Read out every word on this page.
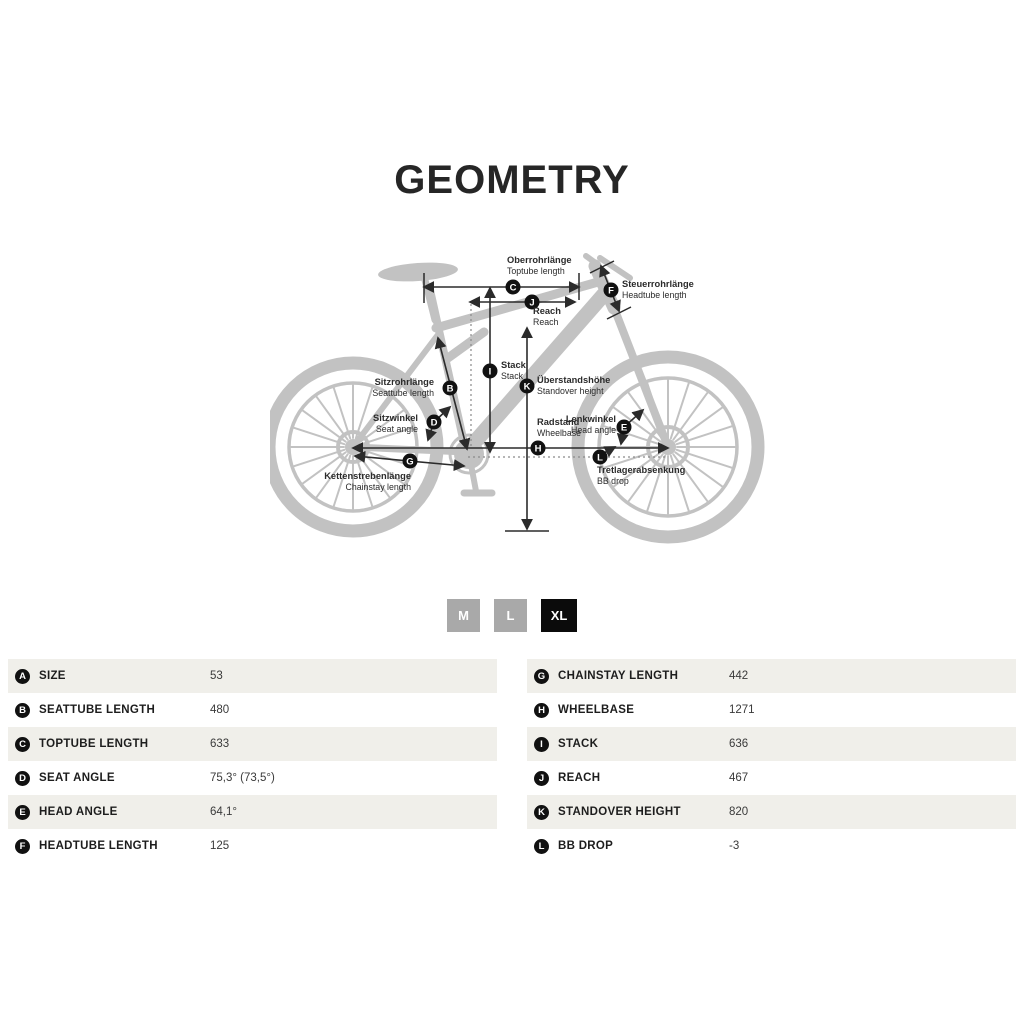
GEOMETRY
C
Oberrohrlänge
Toptube length
J
Reach
Reach
F
Steuerrohrlänge
Headtube length
I
Stack
Stack
K
Überstandshöhe
Standover height
B
Sitzrohrlänge
Seattube length
D
Sitzwinkel
Seat angle
H
Radstand
Wheelbase	E
Lenkwinkel
Head angle
G
Kettenstrebenlänge
Chainstay length
L
Tretlagerabsenkung
BB drop
M	L	XL
A	SIZE	53
B	SEATTUBE LENGTH	480
C	TOPTUBE LENGTH	633
D	SEAT ANGLE	75,3° (73,5°)
E	HEAD ANGLE	64,1°
F	HEADTUBE LENGTH	125
G	CHAINSTAY LENGTH	442
H	WHEELBASE	1271
I	STACK	636
J	REACH	467
K	STANDOVER HEIGHT	820
L	BB DROP	-3
